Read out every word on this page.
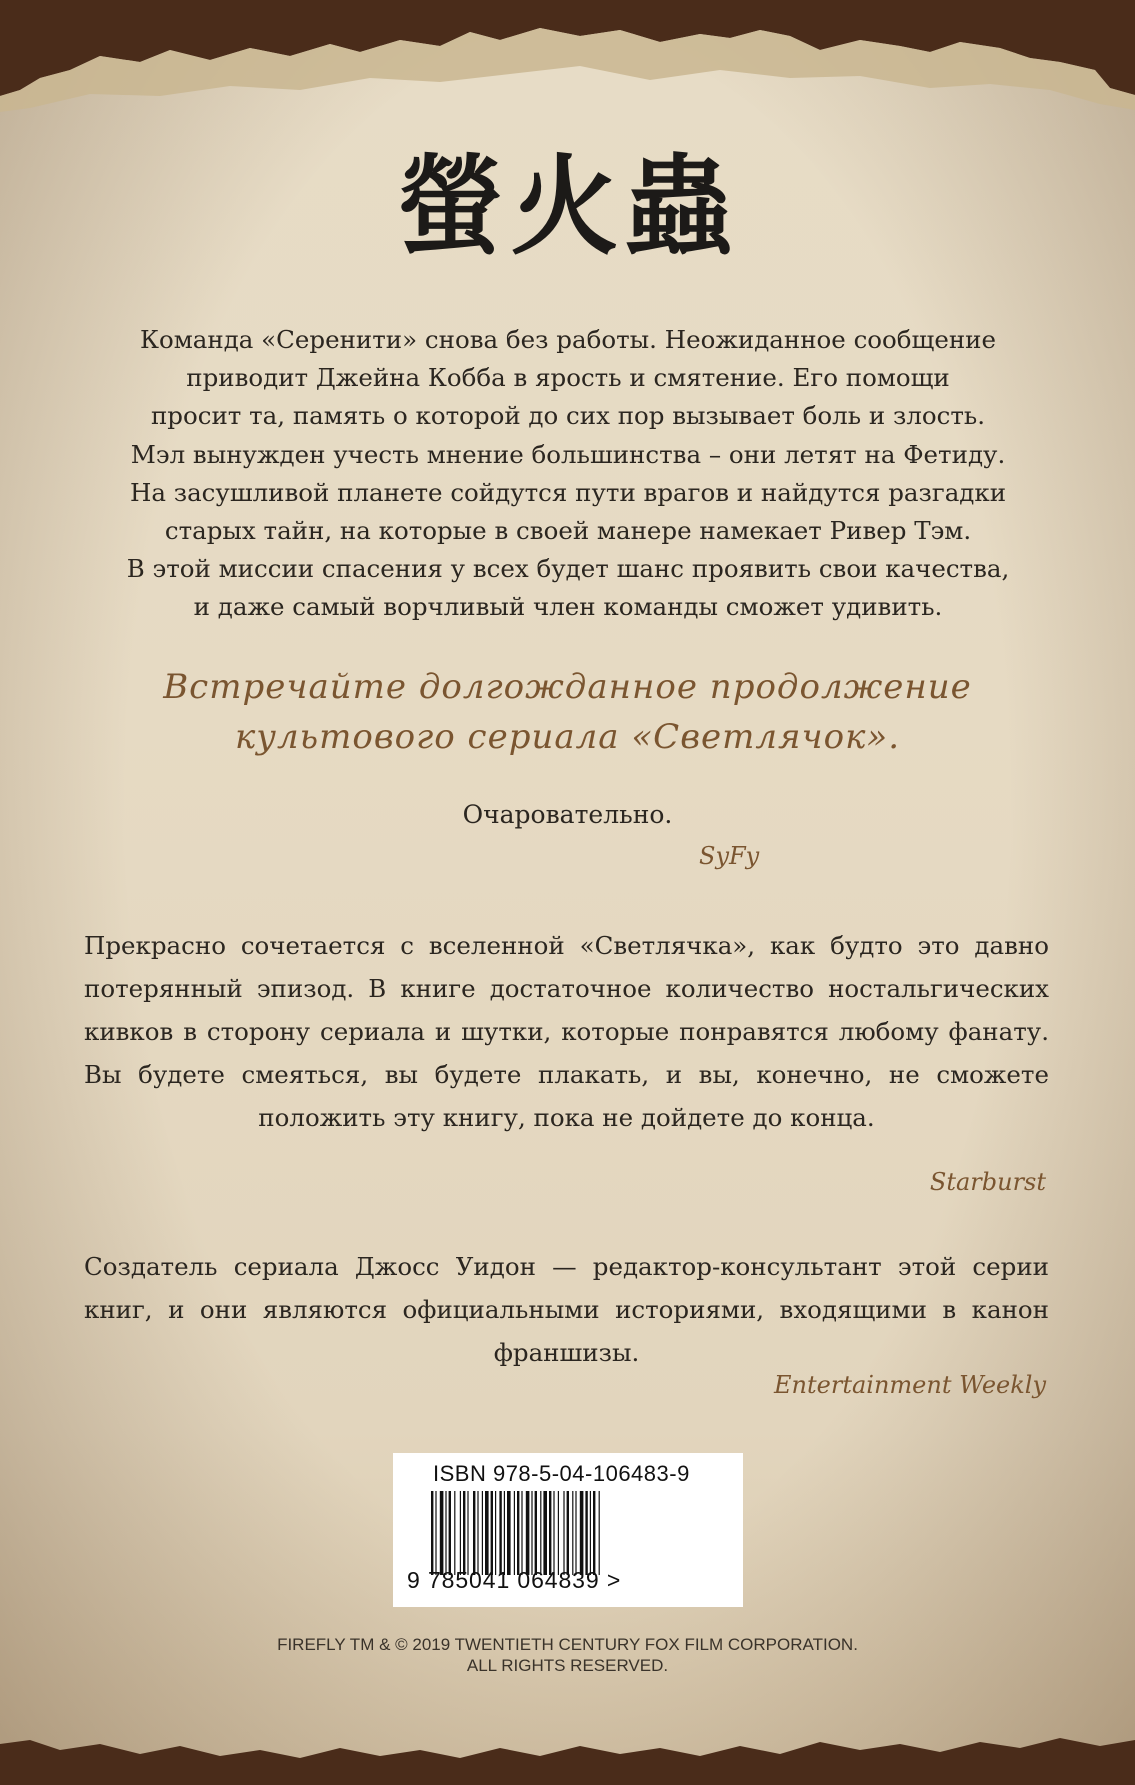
螢火蟲
Команда «Серенити» снова без работы. Неожиданное сообщение
приводит Джейна Кобба в ярость и смятение. Его помощи
просит та, память о которой до сих пор вызывает боль и злость.
Мэл вынужден учесть мнение большинства – они летят на Фетиду.
На засушливой планете сойдутся пути врагов и найдутся разгадки
старых тайн, на которые в своей манере намекает Ривер Тэм.
В этой миссии спасения у всех будет шанс проявить свои качества,
и даже самый ворчливый член команды сможет удивить.
Встречайте долгожданное продолжение
культового сериала «Светлячок».
Очаровательно.
SyFy
Прекрасно сочетается с вселенной «Светлячка», как будто это давно потерянный эпизод. В книге достаточное количество ностальгических кивков в сторону сериала и шутки, которые понравятся любому фанату. Вы будете смеяться, вы будете плакать, и вы, конечно, не сможете положить эту книгу, пока не дойдете до конца.
Starburst
Создатель сериала Джосс Уидон — редактор-консультант этой серии книг, и они являются официальными историями, входящими в канон франшизы.
Entertainment Weekly
ISBN 978-5-04-106483-9
9 785041 064839 >
FIREFLY TM & © 2019 TWENTIETH CENTURY FOX FILM CORPORATION.
ALL RIGHTS RESERVED.
